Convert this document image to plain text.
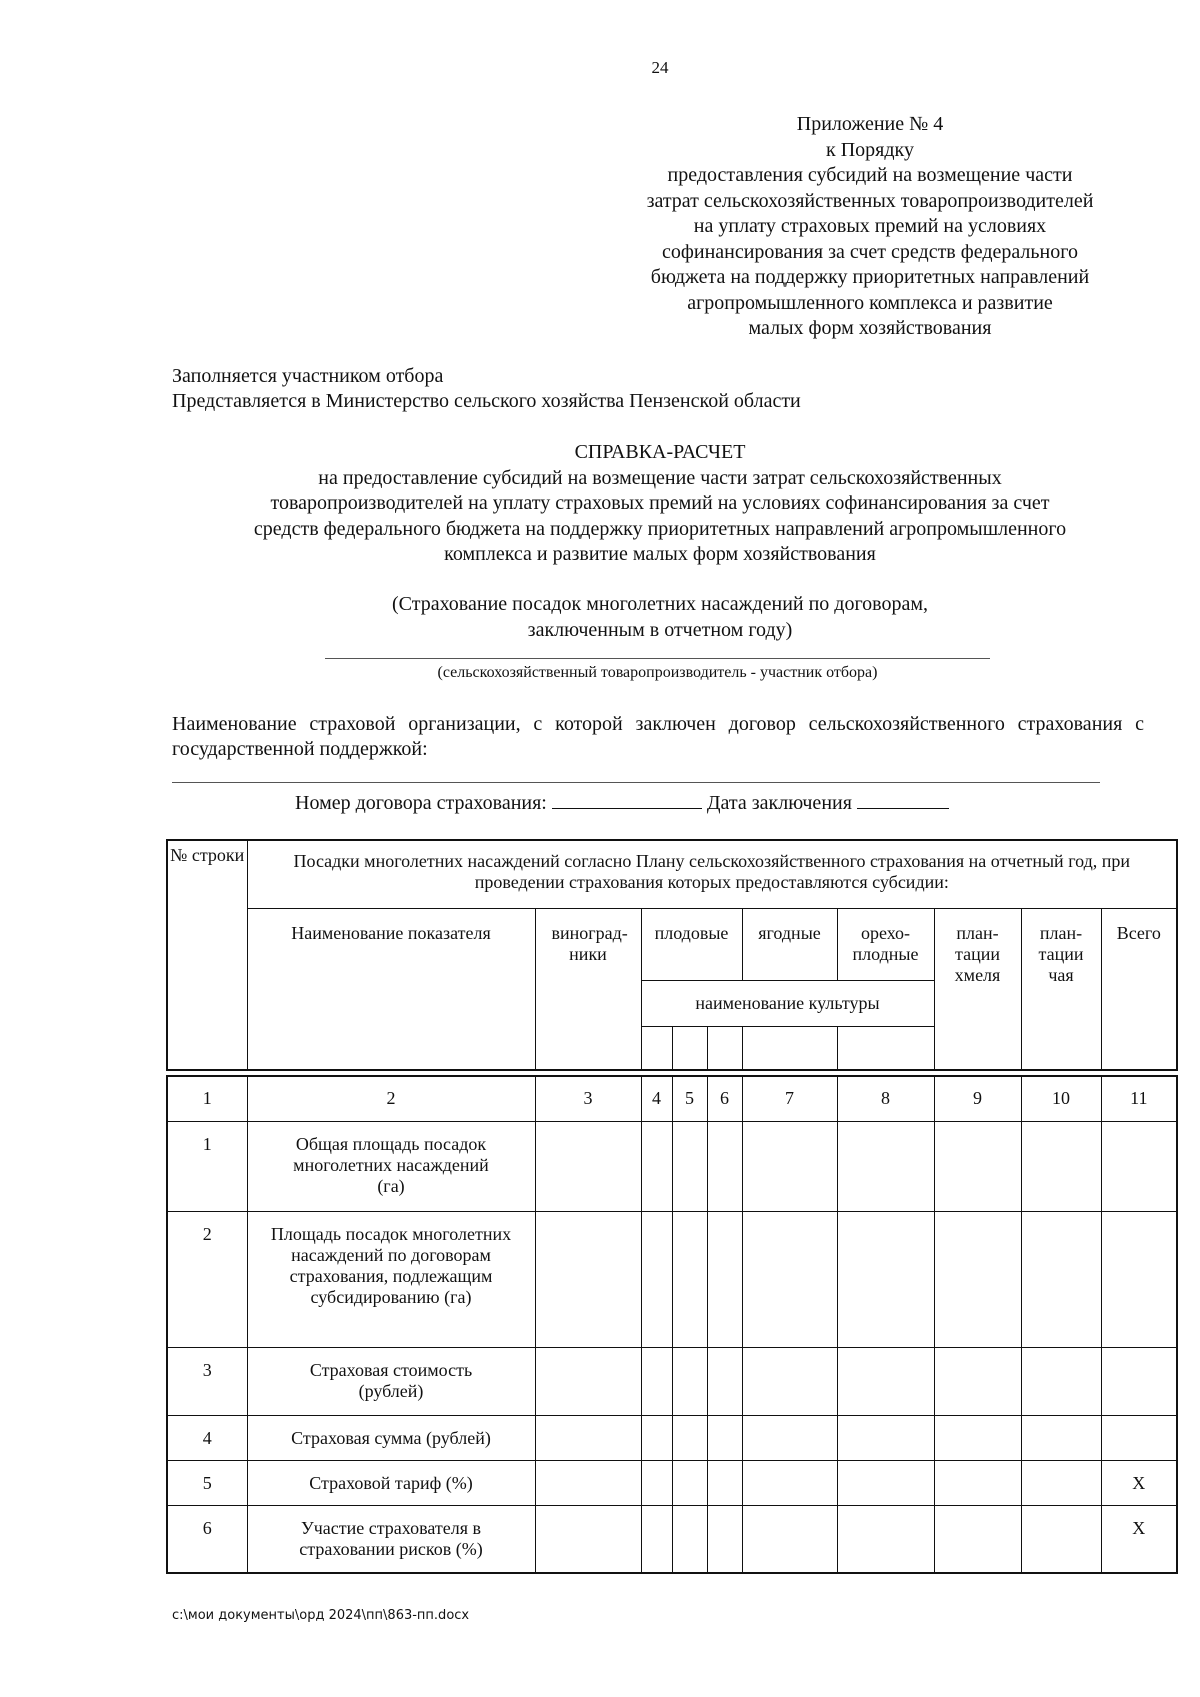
24
Приложение № 4
к Порядку
предоставления субсидий на возмещение части
затрат сельскохозяйственных товаропроизводителей
на уплату страховых премий на условиях
софинансирования за счет средств федерального
бюджета на поддержку приоритетных направлений
агропромышленного комплекса и развитие
малых форм хозяйствования
Заполняется участником отбора
Представляется в Министерство сельского хозяйства Пензенской области
СПРАВКА-РАСЧЕТ
на предоставление субсидий на возмещение части затрат сельскохозяйственных
товаропроизводителей на уплату страховых премий на условиях софинансирования за счет
средств федерального бюджета на поддержку приоритетных направлений агропромышленного
комплекса и развитие малых форм хозяйствования
(Страхование посадок многолетних насаждений по договорам,
заключенным в отчетном году)
(сельскохозяйственный товаропроизводитель - участник отбора)
Наименование страховой организации, с которой заключен договор сельскохозяйственного страхования с государственной поддержкой:
Номер договора страхования:	Дата заключения
№ строки	Посадки многолетних насаждений согласно Плану сельскохозяйственного страхования на отчетный год, при проведении страхования которых предоставляются субсидии:									
	Наименование показателя	виноград-ники	плодовые			ягодные	орехо-плодные	план-тации хмеля	план-тации чая	Всего
			наименование культуры							

1	2	3	4	5	6	7	8	9	10	11
1	Общая площадь посадок многолетних насаждений (га)									
2	Площадь посадок многолетних насаждений по договорам страхования, подлежащим субсидированию (га)									
3	Страховая стоимость (рублей)									
4	Страховая сумма (рублей)									
5	Страховой тариф (%)									Х
6	Участие страхователя в страховании рисков (%)									Х
c:\мои документы\орд 2024\пп\863-пп.docx
